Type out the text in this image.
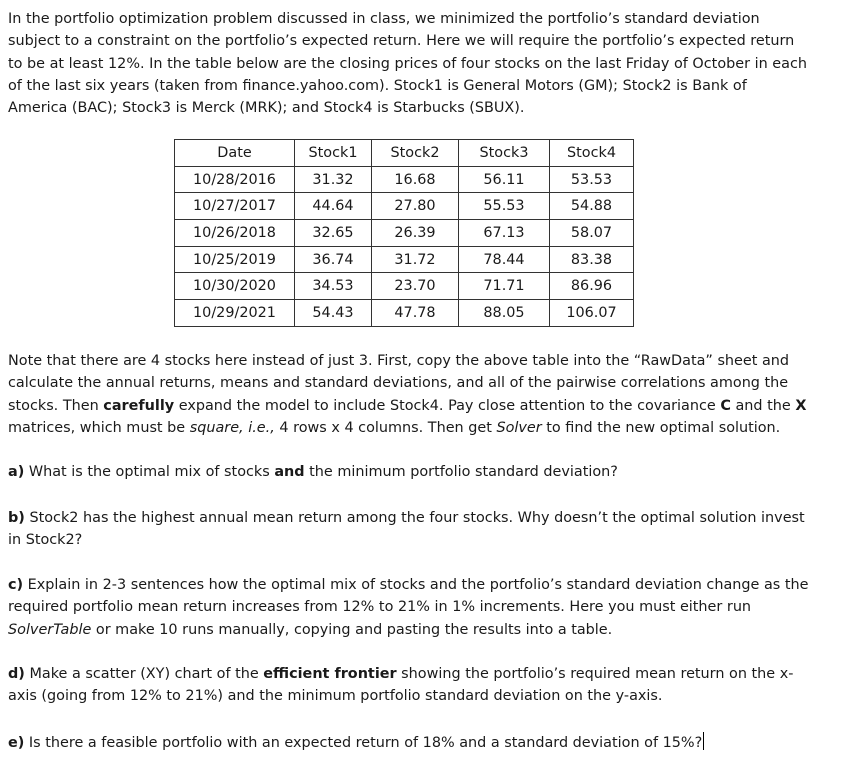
In the portfolio optimization problem discussed in class, we minimized the portfolio’s standard deviation
subject to a constraint on the portfolio’s expected return. Here we will require the portfolio’s expected return
to be at least 12%. In the table below are the closing prices of four stocks on the last Friday of October in each
of the last six years (taken from finance.yahoo.com). Stock1 is General Motors (GM); Stock2 is Bank of
America (BAC); Stock3 is Merck (MRK); and Stock4 is Starbucks (SBUX).

Date	Stock1	Stock2	Stock3	Stock4
10/28/2016	31.32	16.68	56.11	53.53
10/27/2017	44.64	27.80	55.53	54.88
10/26/2018	32.65	26.39	67.13	58.07
10/25/2019	36.74	31.72	78.44	83.38
10/30/2020	34.53	23.70	71.71	86.96
10/29/2021	54.43	47.78	88.05	106.07

Note that there are 4 stocks here instead of just 3. First, copy the above table into the “RawData” sheet and
calculate the annual returns, means and standard deviations, and all of the pairwise correlations among the
stocks. Then carefully expand the model to include Stock4. Pay close attention to the covariance C and the X
matrices, which must be square, i.e., 4 rows x 4 columns. Then get Solver to find the new optimal solution.

a) What is the optimal mix of stocks and the minimum portfolio standard deviation?

b) Stock2 has the highest annual mean return among the four stocks. Why doesn’t the optimal solution invest
in Stock2?

c) Explain in 2-3 sentences how the optimal mix of stocks and the portfolio’s standard deviation change as the
required portfolio mean return increases from 12% to 21% in 1% increments. Here you must either run
SolverTable or make 10 runs manually, copying and pasting the results into a table.

d) Make a scatter (XY) chart of the efficient frontier showing the portfolio’s required mean return on the x-
axis (going from 12% to 21%) and the minimum portfolio standard deviation on the y-axis.

e) Is there a feasible portfolio with an expected return of 18% and a standard deviation of 15%?
